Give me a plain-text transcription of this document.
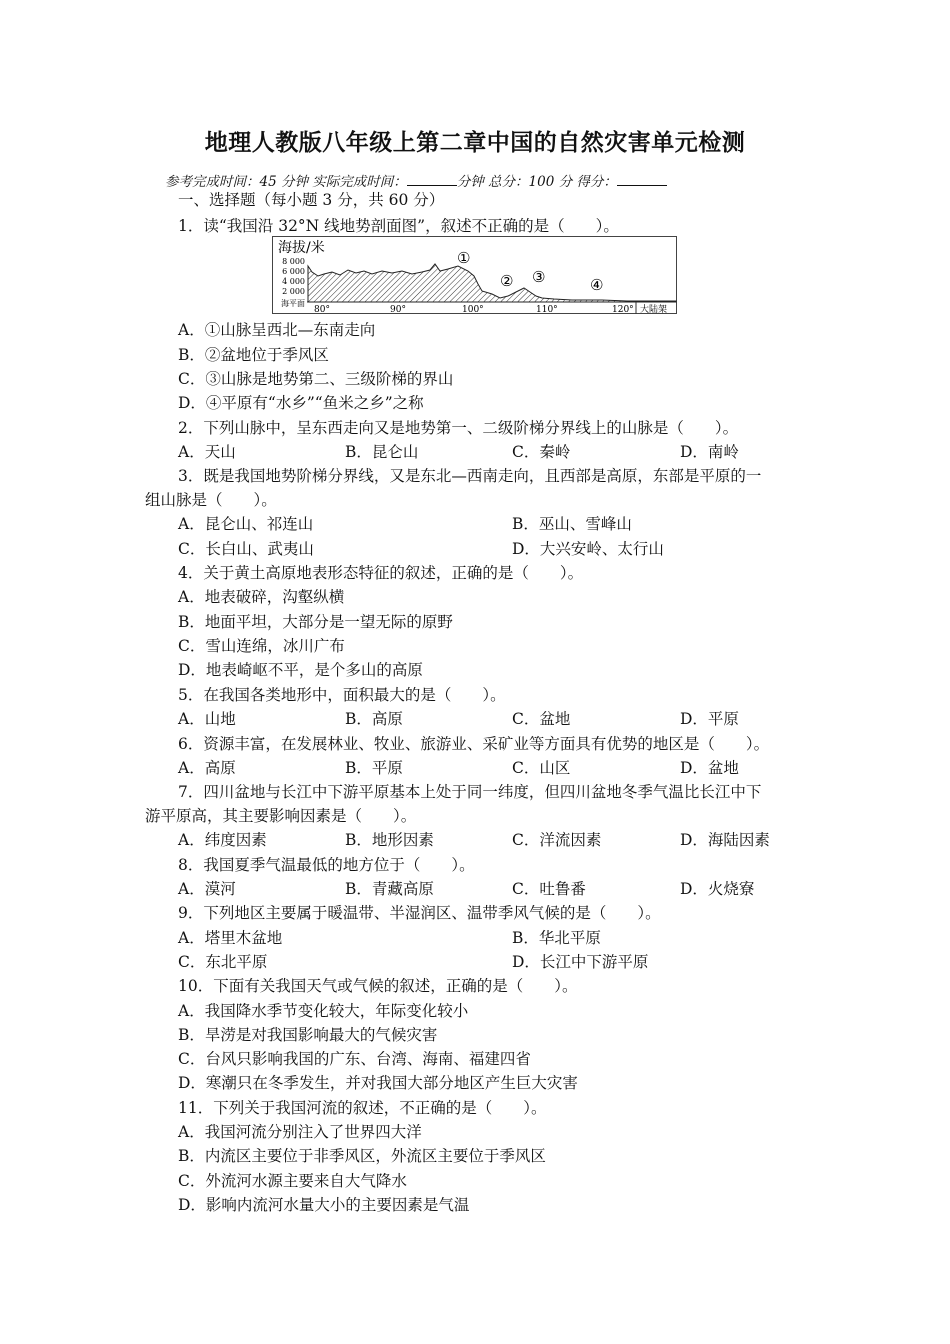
地理人教版八年级上第二章中国的自然灾害单元检测
参考完成时间：45 分钟 实际完成时间：	分钟 总分：100 分 得分：
一、选择题（每小题 3 分，共 60 分）
1．读“我国沿 32°N 线地势剖面图”，叙述不正确的是（　　）。
海拔/米
8 000
6 000
4 000
2 000
海平面
①
② ③	④
80°	90°	100°	110°	120° 大陆架
A．①山脉呈西北—东南走向
B．②盆地位于季风区
C．③山脉是地势第二、三级阶梯的界山
D．④平原有“水乡”“鱼米之乡”之称
2．下列山脉中，呈东西走向又是地势第一、二级阶梯分界线上的山脉是（　　）。
A．天山	B．昆仑山	C．秦岭	D．南岭
3．既是我国地势阶梯分界线，又是东北—西南走向，且西部是高原，东部是平原的一
组山脉是（　　）。
A．昆仑山、祁连山	B．巫山、雪峰山
C．长白山、武夷山	D．大兴安岭、太行山
4．关于黄土高原地表形态特征的叙述，正确的是（　　）。
A．地表破碎，沟壑纵横
B．地面平坦，大部分是一望无际的原野
C．雪山连绵，冰川广布
D．地表崎岖不平，是个多山的高原
5．在我国各类地形中，面积最大的是（　　）。
A．山地	B．高原	C．盆地	D．平原
6．资源丰富，在发展林业、牧业、旅游业、采矿业等方面具有优势的地区是（　　）。
A．高原	B．平原	C．山区	D．盆地
7．四川盆地与长江中下游平原基本上处于同一纬度，但四川盆地冬季气温比长江中下
游平原高，其主要影响因素是（　　）。
A．纬度因素	B．地形因素	C．洋流因素	D．海陆因素
8．我国夏季气温最低的地方位于（　　）。
A．漠河	B．青藏高原	C．吐鲁番	D．火烧寮
9．下列地区主要属于暖温带、半湿润区、温带季风气候的是（　　）。
A．塔里木盆地	B．华北平原
C．东北平原	D．长江中下游平原
10．下面有关我国天气或气候的叙述，正确的是（　　）。
A．我国降水季节变化较大，年际变化较小
B．旱涝是对我国影响最大的气候灾害
C．台风只影响我国的广东、台湾、海南、福建四省
D．寒潮只在冬季发生，并对我国大部分地区产生巨大灾害
11．下列关于我国河流的叙述，不正确的是（　　）。
A．我国河流分别注入了世界四大洋
B．内流区主要位于非季风区，外流区主要位于季风区
C．外流河水源主要来自大气降水
D．影响内流河水量大小的主要因素是气温
